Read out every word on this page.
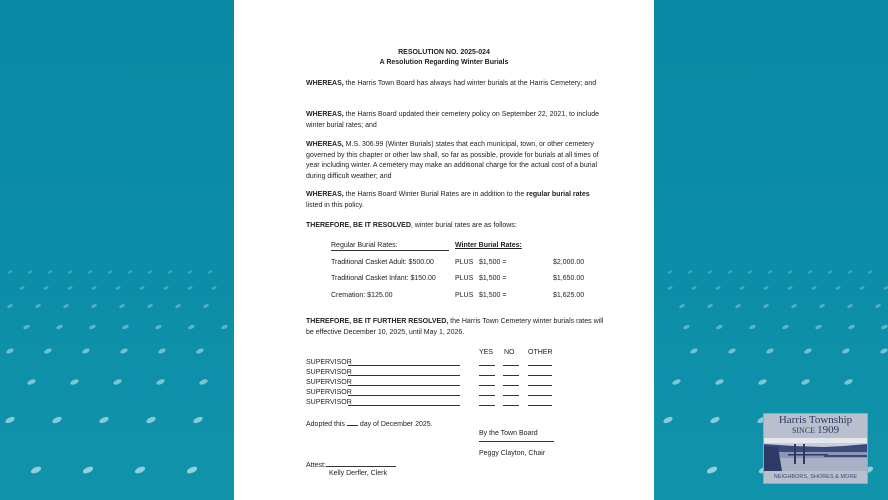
RESOLUTION NO. 2025-024
A Resolution Regarding Winter Burials
WHEREAS, the Harris Town Board has always had winter burials at the Harris Cemetery; and
WHEREAS, the Harris Board updated their cemetery policy on September 22, 2021, to include winter burial rates; and
WHEREAS, M.S. 306.99 (Winter Burials) states that each municipal, town, or other cemetery governed by this chapter or other law shall, so far as possible, provide for burials at all times of year including winter. A cemetery may make an additional charge for the actual cost of a burial during difficult weather; and
WHEREAS, the Harris Board Winter Burial Rates are in addition to the regular burial rates listed in this policy.
THEREFORE, BE IT RESOLVED, winter burial rates are as follows:
Regular Burial Rates:	Winter Burial Rates:
Traditional Casket Adult: $500.00	PLUS $1,500 =	$2,000.00
Traditional Casket Infant: $150.00	PLUS $1,500 =	$1,650.00
Cremation: $125.00	PLUS $1,500 =	$1,625.00
THEREFORE, BE IT FURTHER RESOLVED, the Harris Town Cemetery winter burials rates will be effective December 10, 2025, until May 1, 2026.
YES NO OTHER
SUPERVISOR
SUPERVISOR
SUPERVISOR
SUPERVISOR
SUPERVISOR
Adopted this  day of December 2025.
By the Town Board
Peggy Clayton, Chair
Attest:
Kelly Derfler, Clerk
Harris Township
SINCE 1909
NEIGHBORS, SHORES & MORE
